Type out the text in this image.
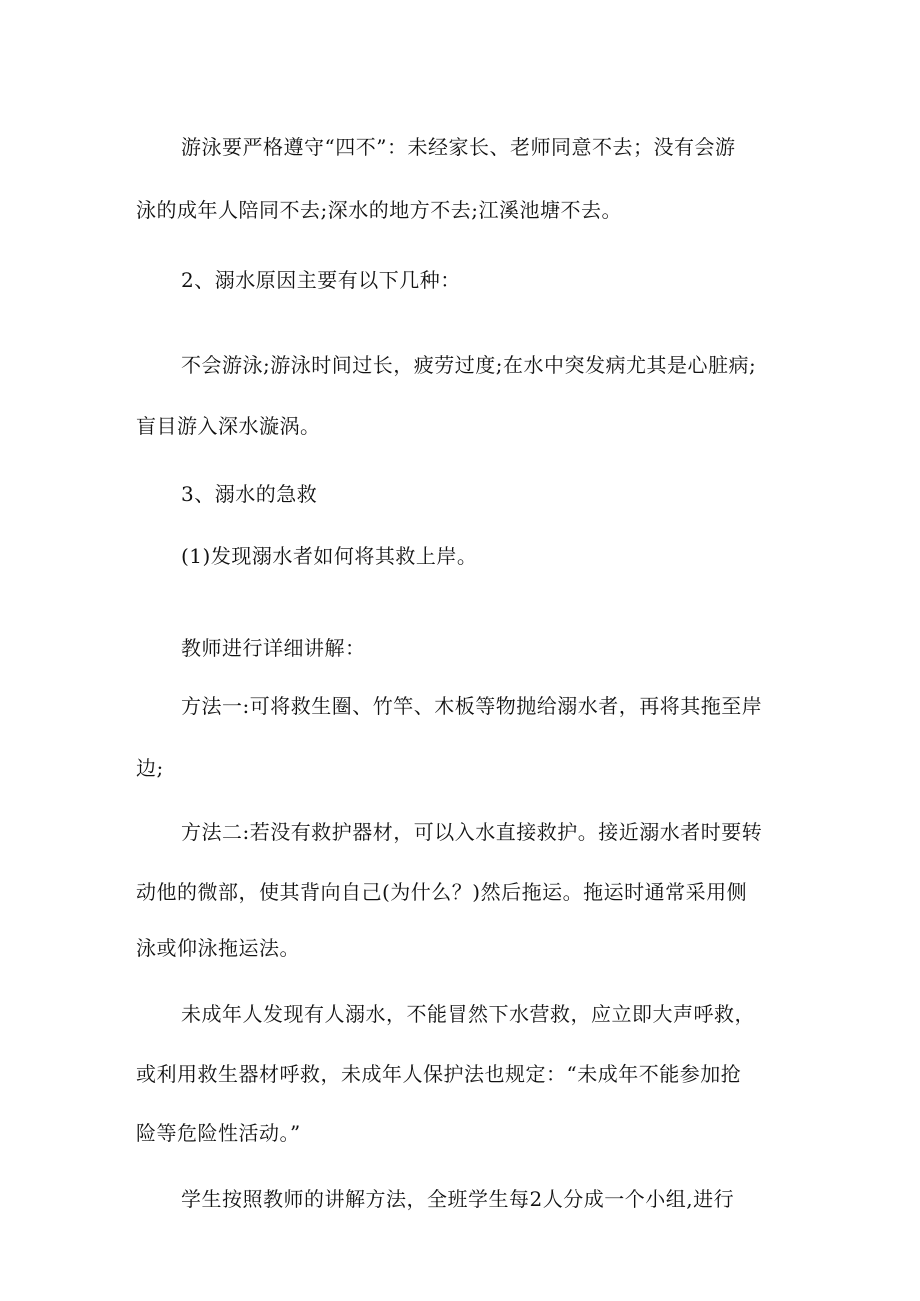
游泳要严格遵守“四不”：未经家长、老师同意不去；没有会游
泳的成年人陪同不去;深水的地方不去;江溪池塘不去。
2、溺水原因主要有以下几种：
不会游泳;游泳时间过长，疲劳过度;在水中突发病尤其是心脏病;
盲目游入深水漩涡。
3、溺水的急救
(1)发现溺水者如何将其救上岸。
教师进行详细讲解：
方法一:可将救生圈、竹竿、木板等物抛给溺水者，再将其拖至岸
边;
方法二:若没有救护器材，可以入水直接救护。接近溺水者时要转
动他的微部，使其背向自己(为什么？)然后拖运。拖运时通常采用侧
泳或仰泳拖运法。
未成年人发现有人溺水，不能冒然下水营救，应立即大声呼救，
或利用救生器材呼救，未成年人保护法也规定：“未成年不能参加抢
险等危险性活动。”
学生按照教师的讲解方法，全班学生每2人分成一个小组,进行
